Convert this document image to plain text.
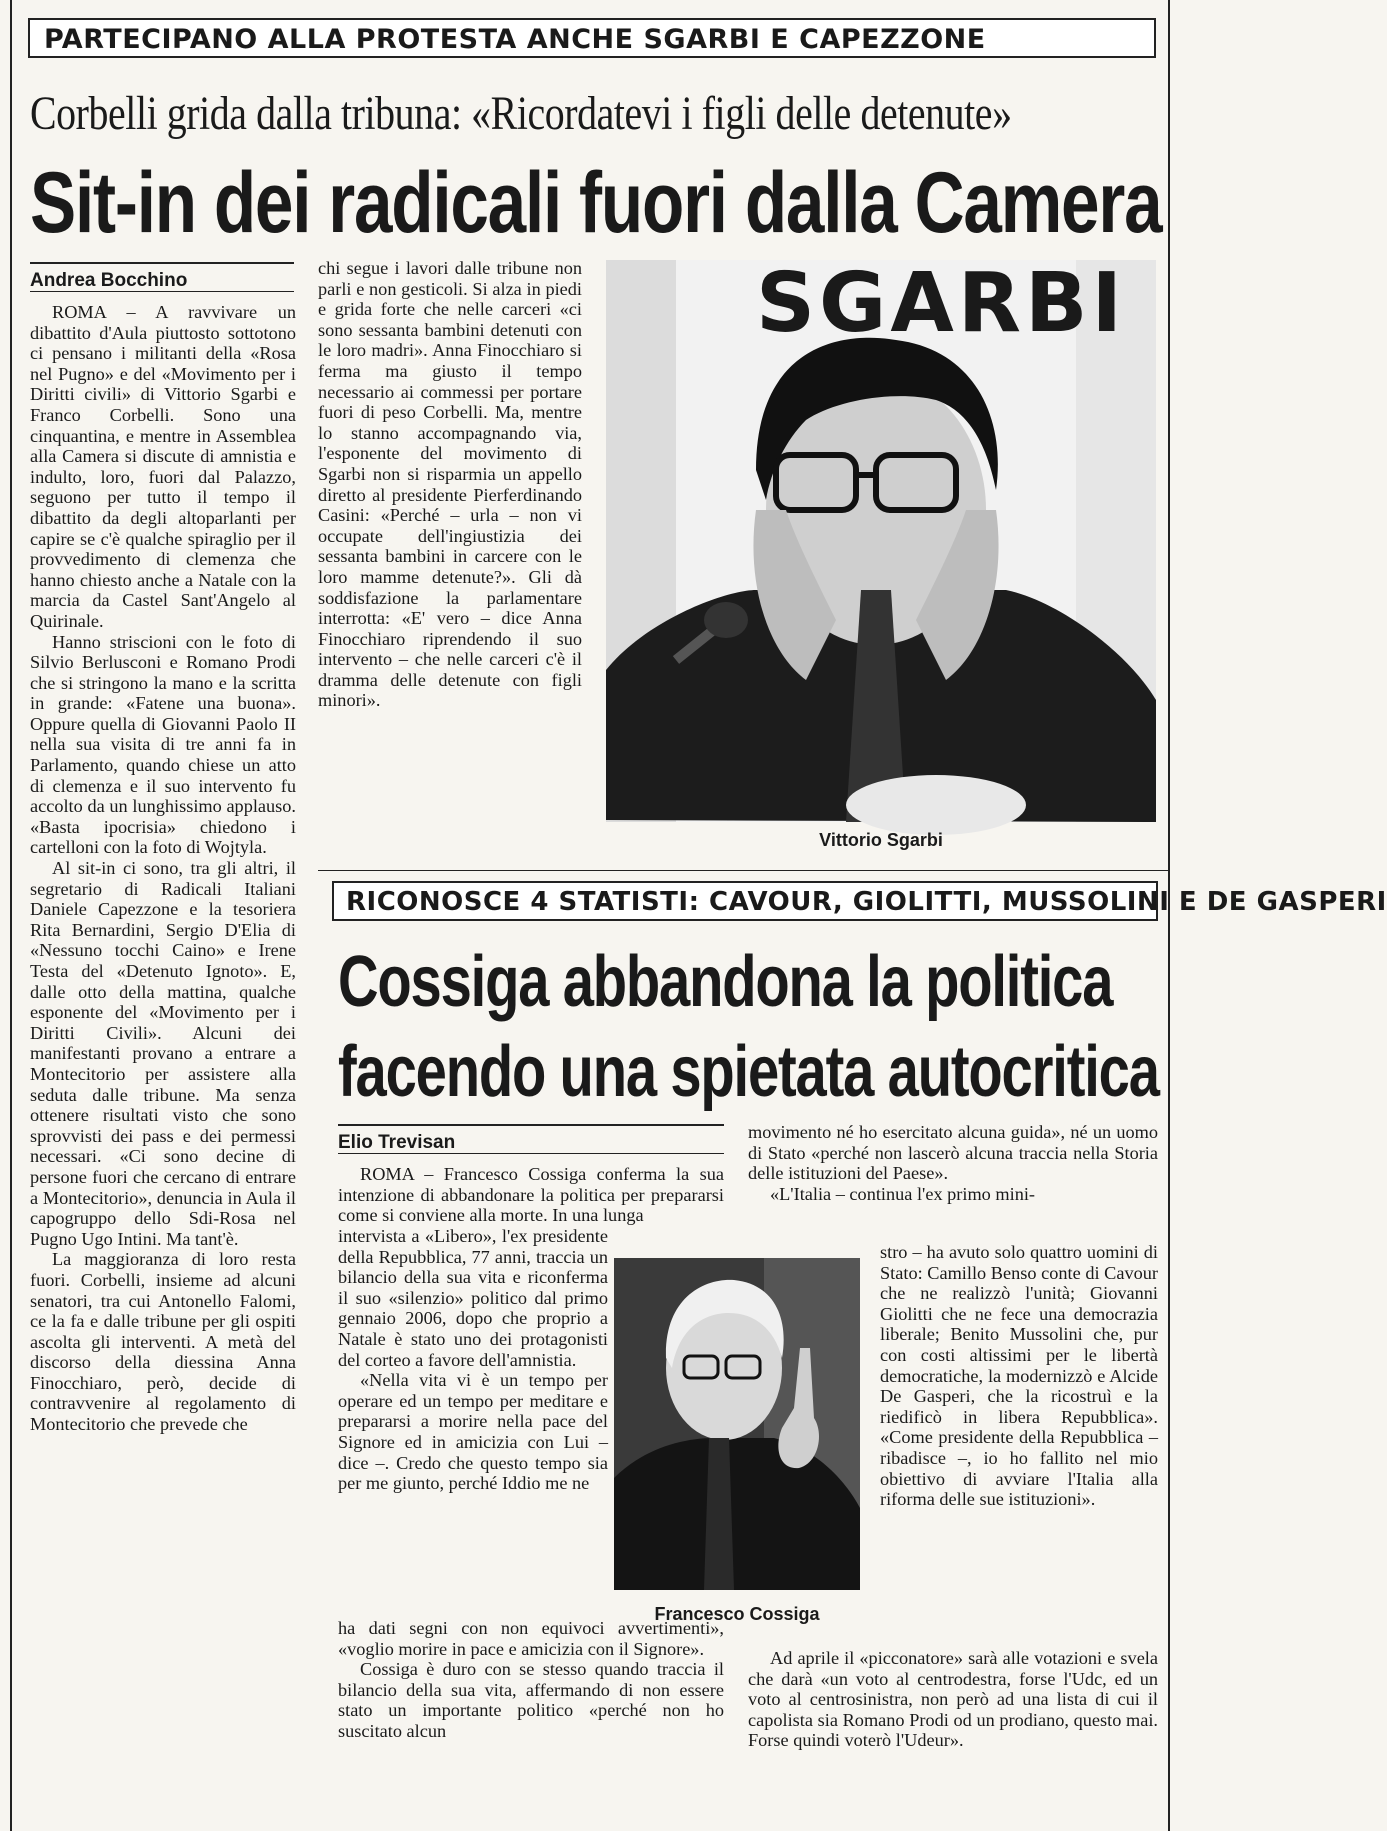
PARTECIPANO ALLA PROTESTA ANCHE SGARBI E CAPEZZONE
Corbelli grida dalla tribuna: «Ricordatevi i figli delle detenute»
Sit-in dei radicali fuori dalla Camera
Andrea Bocchino

ROMA – A ravvivare un dibattito d'Aula piuttosto sottotono ci pensano i militanti della «Rosa nel Pugno» e del «Movimento per i Diritti civili» di Vittorio Sgarbi e Franco Corbelli. Sono una cinquantina, e mentre in Assemblea alla Camera si discute di amnistia e indulto, loro, fuori dal Palazzo, seguono per tutto il tempo il dibattito da degli altoparlanti per capire se c'è qualche spiraglio per il provvedimento di clemenza che hanno chiesto anche a Natale con la marcia da Castel Sant'Angelo al Quirinale.

Hanno striscioni con le foto di Silvio Berlusconi e Romano Prodi che si stringono la mano e la scritta in grande: «Fatene una buona». Oppure quella di Giovanni Paolo II nella sua visita di tre anni fa in Parlamento, quando chiese un atto di clemenza e il suo intervento fu accolto da un lunghissimo applauso. «Basta ipocrisia» chiedono i cartelloni con la foto di Wojtyla.

Al sit-in ci sono, tra gli altri, il segretario di Radicali Italiani Daniele Capezzone e la tesoriera Rita Bernardini, Sergio D'Elia di «Nessuno tocchi Caino» e Irene Testa del «Detenuto Ignoto». E, dalle otto della mattina, qualche esponente del «Movimento per i Diritti Civili». Alcuni dei manifestanti provano a entrare a Montecitorio per assistere alla seduta dalle tribune. Ma senza ottenere risultati visto che sono sprovvisti dei pass e dei permessi necessari. «Ci sono decine di persone fuori che cercano di entrare a Montecitorio», denuncia in Aula il capogruppo dello Sdi-Rosa nel Pugno Ugo Intini. Ma tant'è.

La maggioranza di loro resta fuori. Corbelli, insieme ad alcuni senatori, tra cui Antonello Falomi, ce la fa e dalle tribune per gli ospiti ascolta gli interventi. A metà del discorso della diessina Anna Finocchiaro, però, decide di contravvenire al regolamento di Montecitorio che prevede che

chi segue i lavori dalle tribune non parli e non gesticoli. Si alza in piedi e grida forte che nelle carceri «ci sono sessanta bambini detenuti con le loro madri». Anna Finocchiaro si ferma ma giusto il tempo necessario ai commessi per portare fuori di peso Corbelli. Ma, mentre lo stanno accompagnando via, l'esponente del movimento di Sgarbi non si risparmia un appello diretto al presidente Pierferdinando Casini: «Perché – urla – non vi occupate dell'ingiustizia dei sessanta bambini in carcere con le loro mamme detenute?». Gli dà soddisfazione la parlamentare interrotta: «E' vero – dice Anna Finocchiaro riprendendo il suo intervento – che nelle carceri c'è il dramma delle detenute con figli minori».

SGARBI
Vittorio Sgarbi
RICONOSCE 4 STATISTI: CAVOUR, GIOLITTI, MUSSOLINI E DE GASPERI
Cossiga abbandona la politica
facendo una spietata autocritica
Elio Trevisan

ROMA – Francesco Cossiga conferma la sua intenzione di abbandonare la politica per prepararsi come si conviene alla morte. In una lunga

intervista a «Libero», l'ex presidente della Repubblica, 77 anni, traccia un bilancio della sua vita e riconferma il suo «silenzio» politico dal primo gennaio 2006, dopo che proprio a Natale è stato uno dei protagonisti del corteo a favore dell'amnistia.

«Nella vita vi è un tempo per operare ed un tempo per meditare e prepararsi a morire nella pace del Signore ed in amicizia con Lui – dice –. Credo che questo tempo sia per me giunto, perché Iddio me ne

ha dati segni con non equivoci avvertimenti», «voglio morire in pace e amicizia con il Signore».

Cossiga è duro con se stesso quando traccia il bilancio della sua vita, affermando di non essere stato un importante politico «perché non ho suscitato alcun

Francesco Cossiga

movimento né ho esercitato alcuna guida», né un uomo di Stato «perché non lascerò alcuna traccia nella Storia delle istituzioni del Paese».

«L'Italia – continua l'ex primo mini-

stro – ha avuto solo quattro uomini di Stato: Camillo Benso conte di Cavour che ne realizzò l'unità; Giovanni Giolitti che ne fece una democrazia liberale; Benito Mussolini che, pur con costi altissimi per le libertà democratiche, la modernizzò e Alcide De Gasperi, che la ricostruì e la riedificò in libera Repubblica». «Come presidente della Repubblica – ribadisce –, io ho fallito nel mio obiettivo di avviare l'Italia alla riforma delle sue istituzioni».

Ad aprile il «picconatore» sarà alle votazioni e svela che darà «un voto al centrodestra, forse l'Udc, ed un voto al centrosinistra, non però ad una lista di cui il capolista sia Romano Prodi od un prodiano, questo mai. Forse quindi voterò l'Udeur».
